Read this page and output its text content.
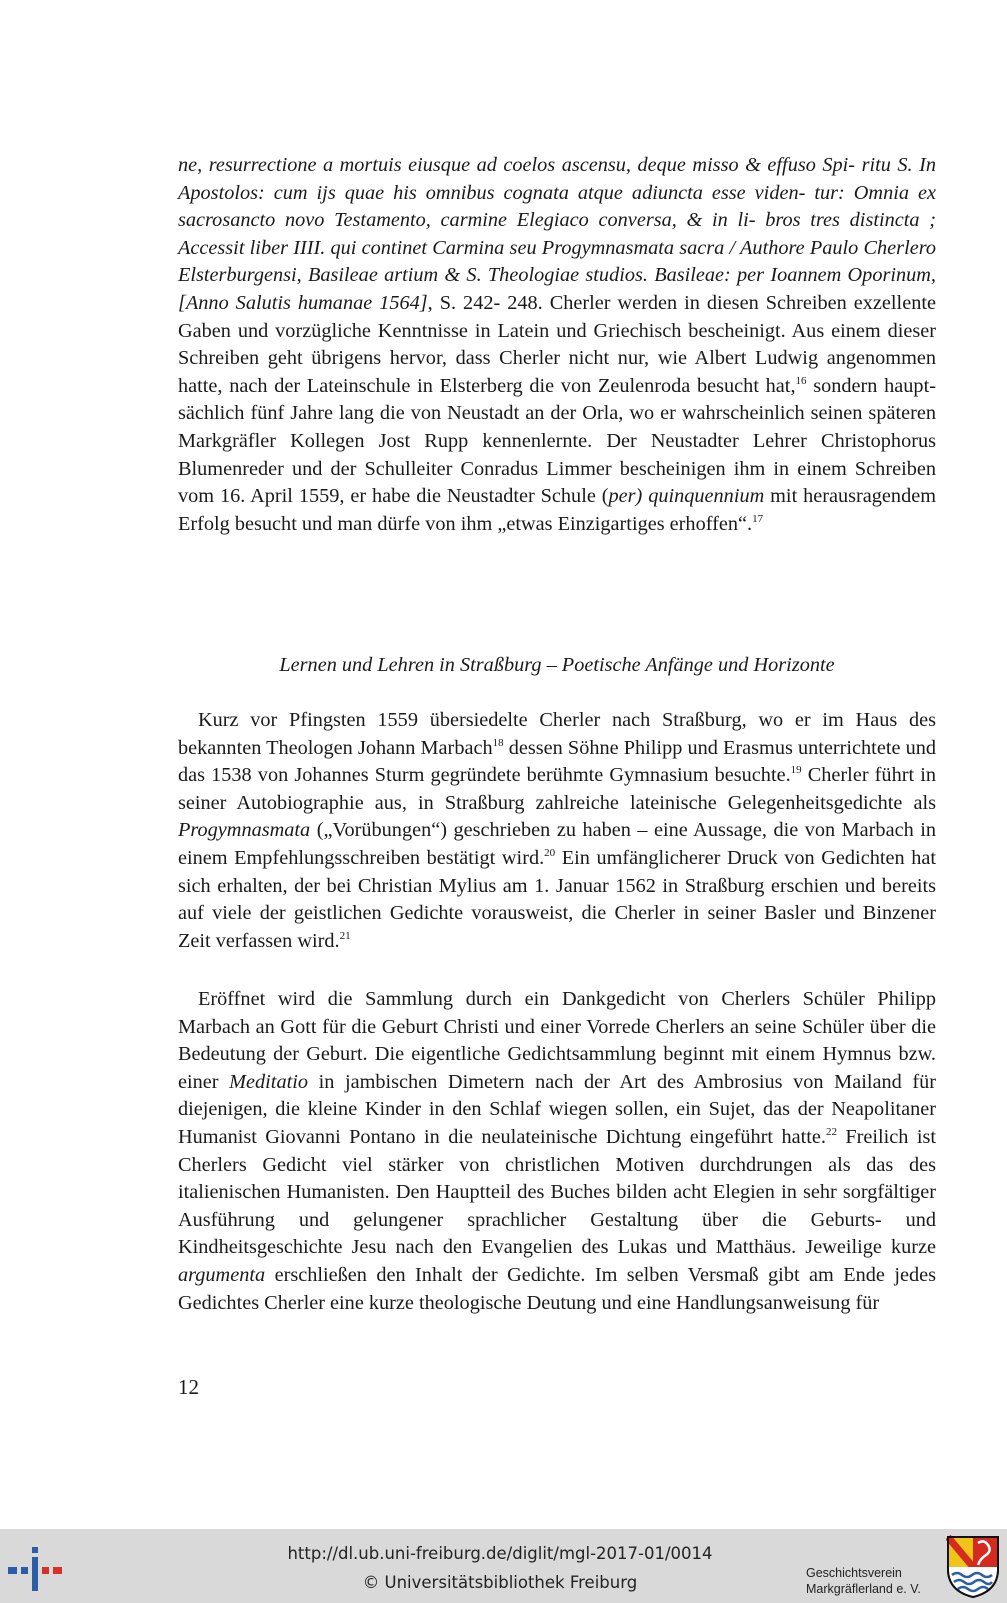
ne, resurrectione a mortuis eiusque ad coelos ascensu, deque misso & effuso Spi- ritu S. In Apostolos: cum ijs quae his omnibus cognata atque adiuncta esse viden- tur: Omnia ex sacrosancto novo Testamento, carmine Elegiaco conversa, & in li- bros tres distincta ; Accessit liber IIII. qui continet Carmina seu Progymnasmata sacra / Authore Paulo Cherlero Elsterburgensi, Basileae artium & S. Theologiae studios. Basileae: per Ioannem Oporinum, [Anno Salutis humanae 1564], S. 242- 248. Cherler werden in diesen Schreiben exzellente Gaben und vorzügliche Kenntnisse in Latein und Griechisch bescheinigt. Aus einem dieser Schreiben geht übrigens hervor, dass Cherler nicht nur, wie Albert Ludwig angenommen hatte, nach der Lateinschule in Elsterberg die von Zeulenroda besucht hat,$^{16}$ sondern hauptsächlich fünf Jahre lang die von Neustadt an der Orla, wo er wahrscheinlich seinen späteren Markgräfler Kollegen Jost Rupp kennenlernte. Der Neustadter Lehrer Christophorus Blumenreder und der Schulleiter Conradus Limmer bescheinigen ihm in einem Schreiben vom 16. April 1559, er habe die Neustadter Schule (per) quinquennium mit herausragendem Erfolg besucht und man dürfe von ihm „etwas Einzigartiges erhoffen“.$^{17}$
Lernen und Lehren in Straßburg – Poetische Anfänge und Horizonte
Kurz vor Pfingsten 1559 übersiedelte Cherler nach Straßburg, wo er im Haus des bekannten Theologen Johann Marbach$^{18}$ dessen Söhne Philipp und Erasmus unterrichtete und das 1538 von Johannes Sturm gegründete berühmte Gymnasium besuchte.$^{19}$ Cherler führt in seiner Autobiographie aus, in Straßburg zahlreiche lateinische Gelegenheitsgedichte als Progymnasmata („Vorübungen“) geschrieben zu haben – eine Aussage, die von Marbach in einem Empfehlungsschreiben bestätigt wird.$^{20}$ Ein umfänglicherer Druck von Gedichten hat sich erhalten, der bei Christian Mylius am 1. Januar 1562 in Straßburg erschien und bereits auf viele der geistlichen Gedichte vorausweist, die Cherler in seiner Basler und Binzener Zeit verfassen wird.$^{21}$
Eröffnet wird die Sammlung durch ein Dankgedicht von Cherlers Schüler Philipp Marbach an Gott für die Geburt Christi und einer Vorrede Cherlers an seine Schüler über die Bedeutung der Geburt. Die eigentliche Gedichtsammlung beginnt mit einem Hymnus bzw. einer Meditatio in jambischen Dimetern nach der Art des Ambrosius von Mailand für diejenigen, die kleine Kinder in den Schlaf wiegen sollen, ein Sujet, das der Neapolitaner Humanist Giovanni Pontano in die neulateinische Dichtung eingeführt hatte.$^{22}$ Freilich ist Cherlers Gedicht viel stärker von christlichen Motiven durchdrungen als das des italienischen Humanisten. Den Hauptteil des Buches bilden acht Elegien in sehr sorgfältiger Ausführung und gelungener sprachlicher Gestaltung über die Geburts- und Kindheitsgeschichte Jesu nach den Evangelien des Lukas und Matthäus. Jeweilige kurze argumenta erschließen den Inhalt der Gedichte. Im selben Versmaß gibt am Ende jedes Gedichtes Cherler eine kurze theologische Deutung und eine Handlungsanweisung für
12
http://dl.ub.uni-freiburg.de/diglit/mgl-2017-01/0014
© Universitätsbibliothek Freiburg	Geschichtsverein
Markgräflerland e. V.
